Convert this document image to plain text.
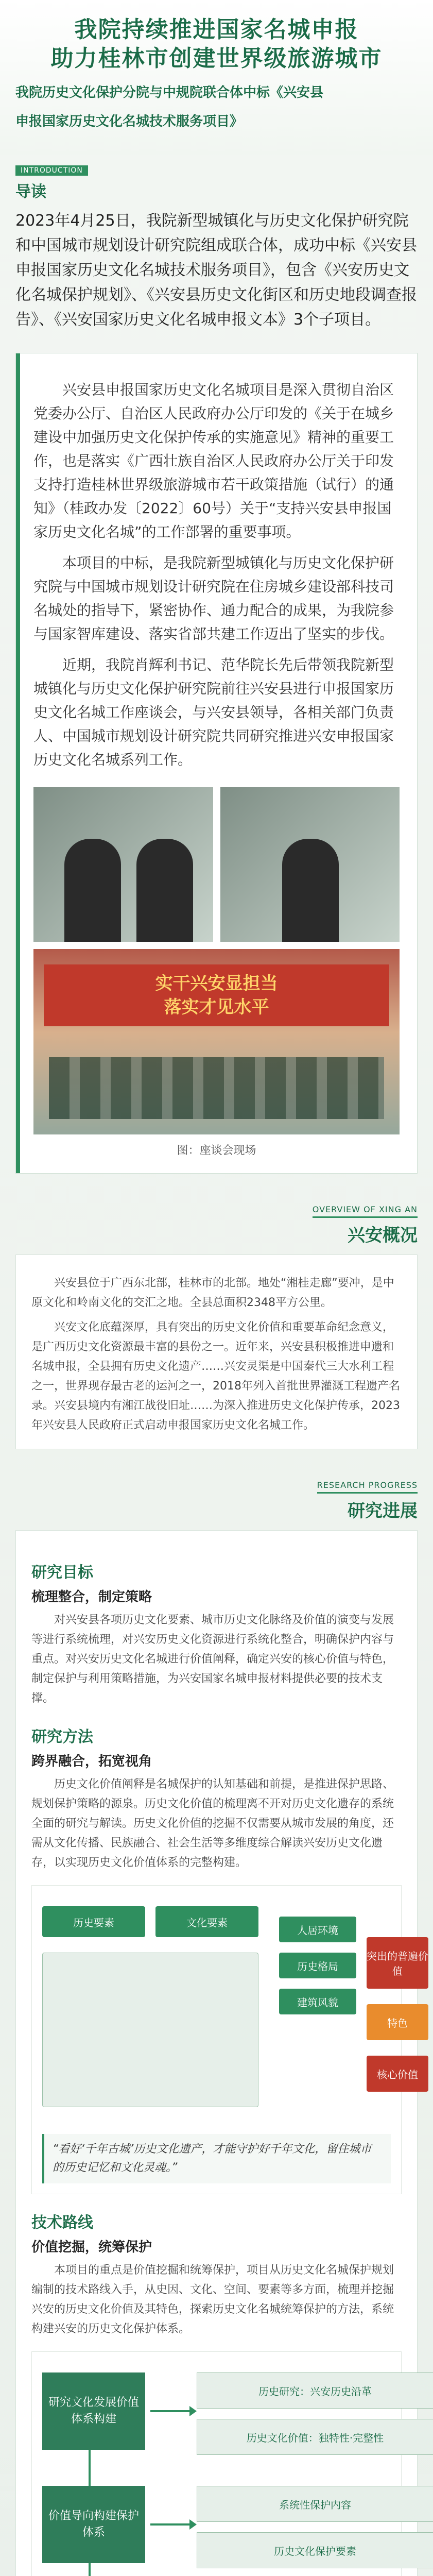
我院持续推进国家名城申报
助力桂林市创建世界级旅游城市
我院历史文化保护分院与中规院联合体中标《兴安县
申报国家历史文化名城技术服务项目》
INTRODUCTION
导读
2023年4月25日，我院新型城镇化与历史文化保护研究院和中国城市规划设计研究院组成联合体，成功中标《兴安县申报国家历史文化名城技术服务项目》，包含《兴安历史文化名城保护规划》、《兴安县历史文化街区和历史地段调查报告》、《兴安国家历史文化名城申报文本》3个子项目。
兴安县申报国家历史文化名城项目是深入贯彻自治区党委办公厅、自治区人民政府办公厅印发的《关于在城乡建设中加强历史文化保护传承的实施意见》精神的重要工作，也是落实《广西壮族自治区人民政府办公厅关于印发支持打造桂林世界级旅游城市若干政策措施（试行）的通知》（桂政办发〔2022〕60号）关于“支持兴安县申报国家历史文化名城”的工作部署的重要事项。
本项目的中标，是我院新型城镇化与历史文化保护研究院与中国城市规划设计研究院在住房城乡建设部科技司名城处的指导下，紧密协作、通力配合的成果，为我院参与国家智库建设、落实省部共建工作迈出了坚实的步伐。
近期，我院肖辉利书记、范华院长先后带领我院新型城镇化与历史文化保护研究院前往兴安县进行申报国家历史文化名城工作座谈会，与兴安县领导，各相关部门负责人、中国城市规划设计研究院共同研究推进兴安申报国家历史文化名城系列工作。
实干兴安显担当
落实才见水平
图：座谈会现场
OVERVIEW OF XING AN
兴安概况
兴安县位于广西东北部，桂林市的北部。地处“湘桂走廊”要冲，是中原文化和岭南文化的交汇之地。全县总面积2348平方公里。
兴安文化底蕴深厚，具有突出的历史文化价值和重要革命纪念意义，是广西历史文化资源最丰富的县份之一。近年来，兴安县积极推进申遗和名城申报，全县拥有历史文化遗产……兴安灵渠是中国秦代三大水利工程之一，世界现存最古老的运河之一，2018年列入首批世界灌溉工程遗产名录。兴安县境内有湘江战役旧址……为深入推进历史文化保护传承，2023年兴安县人民政府正式启动申报国家历史文化名城工作。
RESEARCH PROGRESS
研究进展
研究目标
梳理整合，制定策略
对兴安县各项历史文化要素、城市历史文化脉络及价值的演变与发展等进行系统梳理，对兴安历史文化资源进行系统化整合，明确保护内容与重点。对兴安历史文化名城进行价值阐释，确定兴安的核心价值与特色，制定保护与利用策略措施，为兴安国家名城申报材料提供必要的技术支撑。
研究方法
跨界融合，拓宽视角
历史文化价值阐释是名城保护的认知基础和前提，是推进保护思路、规划保护策略的源泉。历史文化价值的梳理离不开对历史文化遗存的系统全面的研究与解读。历史文化价值的挖掘不仅需要从城市发展的角度，还需从文化传播、民族融合、社会生活等多维度综合解读兴安历史文化遗存，以实现历史文化价值体系的完整构建。
历史要素	文化要素
人居环境
历史格局
建筑风貌
突出的普遍价值
特色
核心价值
“看好‘千年古城’历史文化遗产，才能守护好千年文化，留住城市的历史记忆和文化灵魂。”
技术路线
价值挖掘，统筹保护
本项目的重点是价值挖掘和统筹保护，项目从历史文化名城保护规划编制的技术路线入手，从史因、文化、空间、要素等多方面，梳理并挖掘兴安的历史文化价值及其特色，探索历史文化名城统筹保护的方法，系统构建兴安的历史文化保护体系。
研究文化发展价值体系构建
价值导向构建保护体系
历史研究：兴安历史沿革
历史文化价值：独特性·完整性
系统性保护内容
历史文化保护要素
